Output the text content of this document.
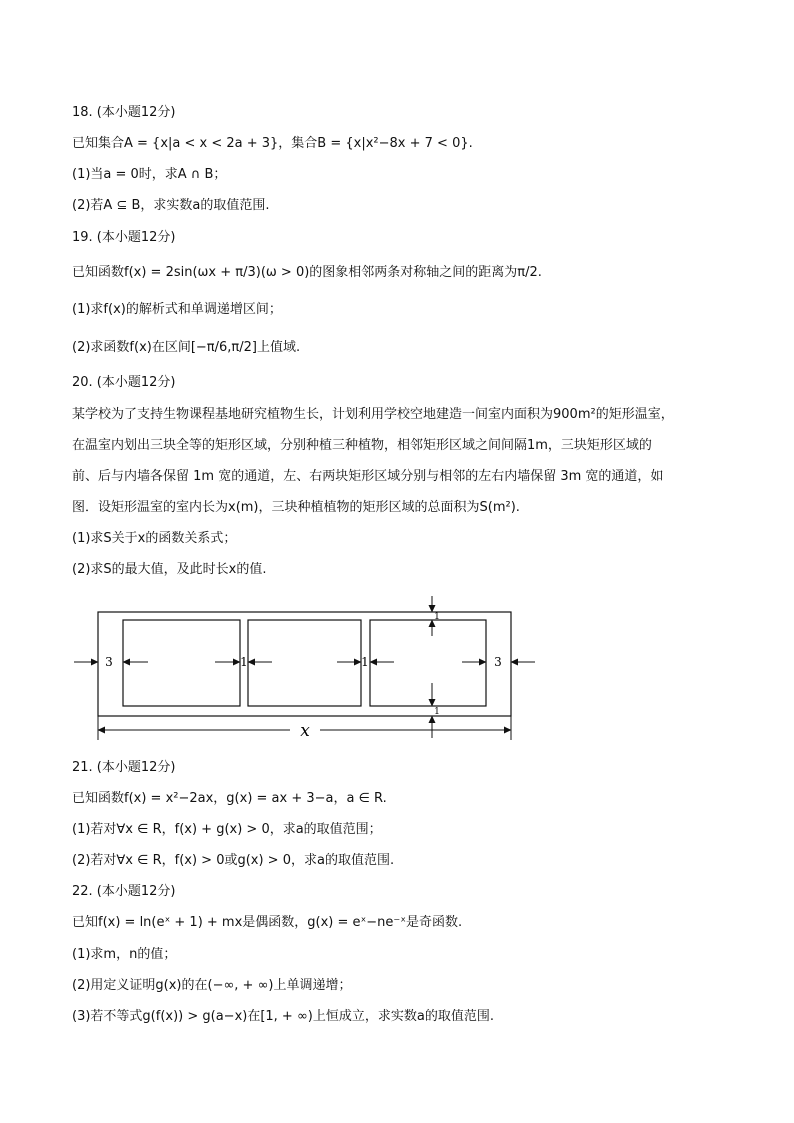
18. (本小题12分)
已知集合A = {x|a < x < 2a + 3}，集合B = {x|x²−8x + 7 < 0}.
(1)当a = 0时，求A ∩ B；
(2)若A ⊆ B，求实数a的取值范围.
19. (本小题12分)
已知函数f(x) = 2sin(ωx + π/3)(ω > 0)的图象相邻两条对称轴之间的距离为π/2.
(1)求f(x)的解析式和单调递增区间；
(2)求函数f(x)在区间[−π/6,π/2]上值域.
20. (本小题12分)
某学校为了支持生物课程基地研究植物生长，计划利用学校空地建造一间室内面积为900m²的矩形温室，
在温室内划出三块全等的矩形区域，分别种植三种植物，相邻矩形区域之间间隔1m，三块矩形区域的
前、后与内墙各保留 1m 宽的通道，左、右两块矩形区域分别与相邻的左右内墙保留 3m 宽的通道，如
图．设矩形温室的室内长为x(m)，三块种植植物的矩形区域的总面积为S(m²).
(1)求S关于x的函数关系式；
(2)求S的最大值，及此时长x的值.
3	1	1	3
1
1
x
21. (本小题12分)
已知函数f(x) = x²−2ax，g(x) = ax + 3−a，a ∈ R.
(1)若对∀x ∈ R，f(x) + g(x) > 0，求a的取值范围；
(2)若对∀x ∈ R，f(x) > 0或g(x) > 0，求a的取值范围.
22. (本小题12分)
已知f(x) = ln(eˣ + 1) + mx是偶函数，g(x) = eˣ−ne⁻ˣ是奇函数.
(1)求m，n的值；
(2)用定义证明g(x)的在(−∞, + ∞)上单调递增；
(3)若不等式g(f(x)) > g(a−x)在[1, + ∞)上恒成立，求实数a的取值范围.
